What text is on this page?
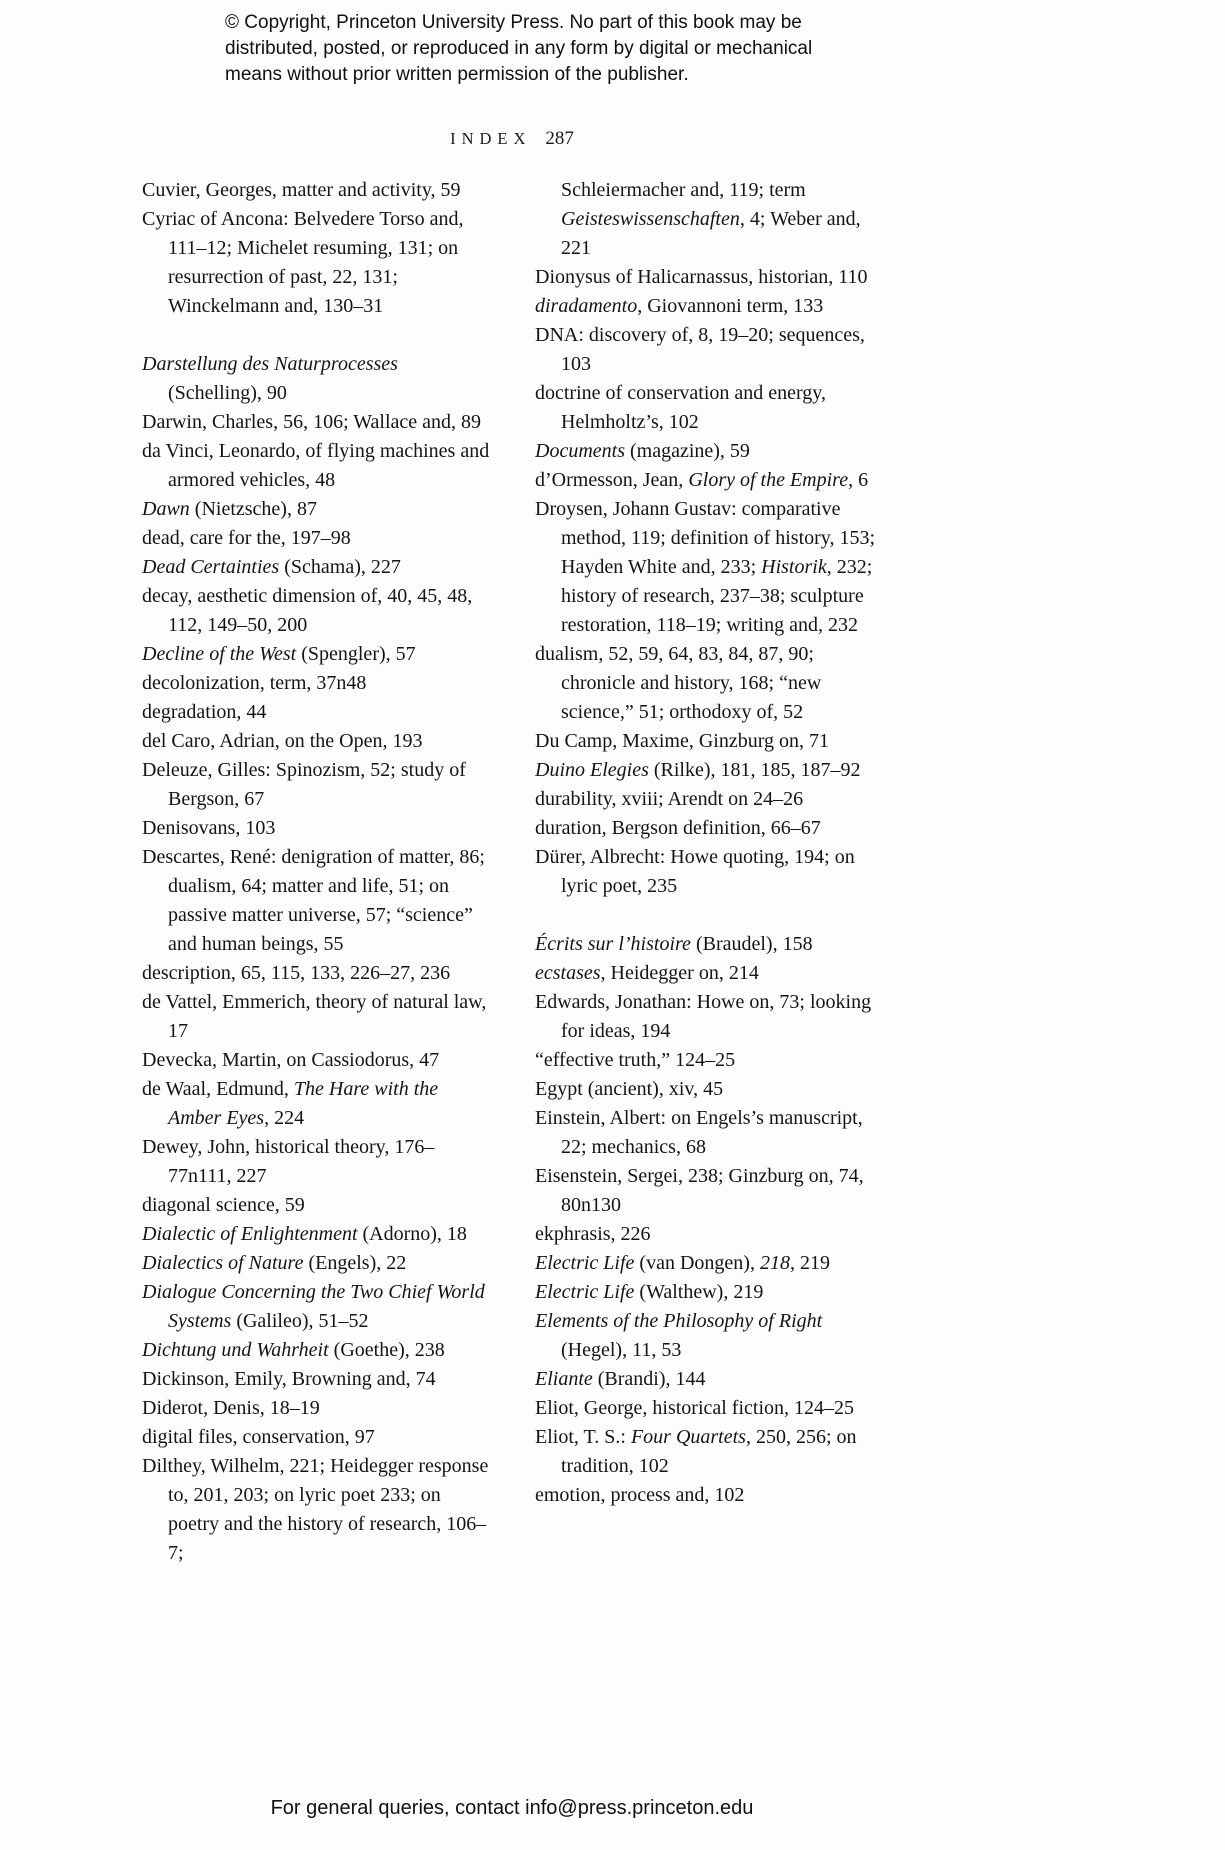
© Copyright, Princeton University Press. No part of this book may be distributed, posted, or reproduced in any form by digital or mechanical means without prior written permission of the publisher.
INDEX 287

Cuvier, Georges, matter and activity, 59

Cyriac of Ancona: Belvedere Torso and, 111–12; Michelet resuming, 131; on resurrection of past, 22, 131; Winckelmann and, 130–31

Darstellung des Naturprocesses (Schelling), 90

Darwin, Charles, 56, 106; Wallace and, 89

da Vinci, Leonardo, of flying machines and armored vehicles, 48

Dawn (Nietzsche), 87

dead, care for the, 197–98

Dead Certainties (Schama), 227

decay, aesthetic dimension of, 40, 45, 48, 112, 149–50, 200

Decline of the West (Spengler), 57

decolonization, term, 37n48

degradation, 44

del Caro, Adrian, on the Open, 193

Deleuze, Gilles: Spinozism, 52; study of Bergson, 67

Denisovans, 103

Descartes, René: denigration of matter, 86; dualism, 64; matter and life, 51; on passive matter universe, 57; “science” and human beings, 55

description, 65, 115, 133, 226–27, 236

de Vattel, Emmerich, theory of natural law, 17

Devecka, Martin, on Cassiodorus, 47

de Waal, Edmund, The Hare with the Amber Eyes, 224

Dewey, John, historical theory, 176–77n111, 227

diagonal science, 59

Dialectic of Enlightenment (Adorno), 18

Dialectics of Nature (Engels), 22

Dialogue Concerning the Two Chief World Systems (Galileo), 51–52

Dichtung und Wahrheit (Goethe), 238

Dickinson, Emily, Browning and, 74

Diderot, Denis, 18–19

digital files, conservation, 97

Dilthey, Wilhelm, 221; Heidegger response to, 201, 203; on lyric poet 233; on poetry and the history of research, 106–7;

Schleiermacher and, 119; term Geisteswissenschaften, 4; Weber and, 221

Dionysus of Halicarnassus, historian, 110

diradamento, Giovannoni term, 133

DNA: discovery of, 8, 19–20; sequences, 103

doctrine of conservation and energy, Helmholtz’s, 102

Documents (magazine), 59

d’Ormesson, Jean, Glory of the Empire, 6

Droysen, Johann Gustav: comparative method, 119; definition of history, 153; Hayden White and, 233; Historik, 232; history of research, 237–38; sculpture restoration, 118–19; writing and, 232

dualism, 52, 59, 64, 83, 84, 87, 90; chronicle and history, 168; “new science,” 51; orthodoxy of, 52

Du Camp, Maxime, Ginzburg on, 71

Duino Elegies (Rilke), 181, 185, 187–92

durability, xviii; Arendt on 24–26

duration, Bergson definition, 66–67

Dürer, Albrecht: Howe quoting, 194; on lyric poet, 235

Écrits sur l’histoire (Braudel), 158

ecstases, Heidegger on, 214

Edwards, Jonathan: Howe on, 73; looking for ideas, 194

“effective truth,” 124–25

Egypt (ancient), xiv, 45

Einstein, Albert: on Engels’s manuscript, 22; mechanics, 68

Eisenstein, Sergei, 238; Ginzburg on, 74, 80n130

ekphrasis, 226

Electric Life (van Dongen), 218, 219

Electric Life (Walthew), 219

Elements of the Philosophy of Right (Hegel), 11, 53

Eliante (Brandi), 144

Eliot, George, historical fiction, 124–25

Eliot, T. S.: Four Quartets, 250, 256; on tradition, 102

emotion, process and, 102

For general queries, contact info@press.princeton.edu
